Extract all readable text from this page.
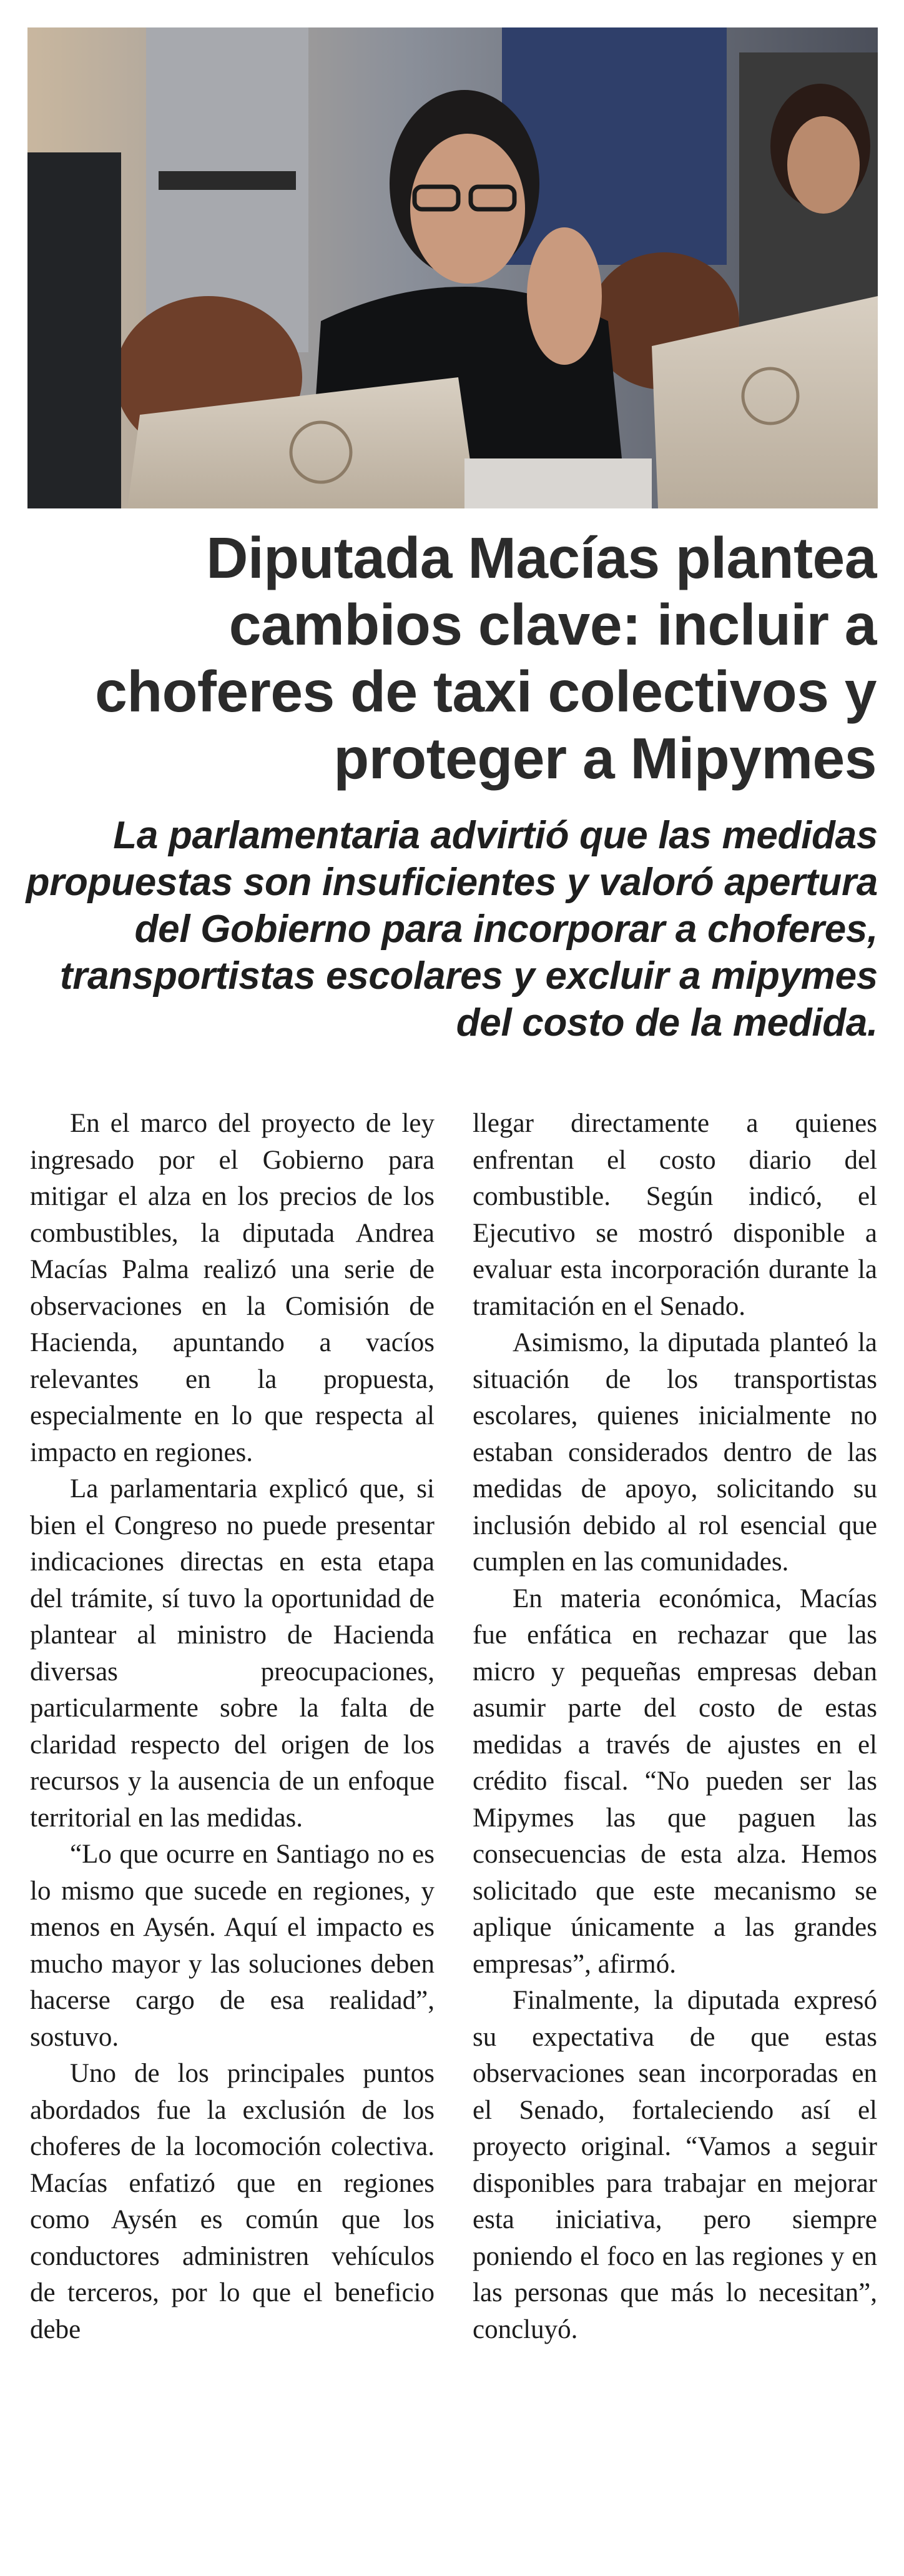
Diputada Macías plantea cambios clave: incluir a choferes de taxi colectivos y proteger a Mipymes
La parlamentaria advirtió que las medidas propuestas son insuficientes y valoró apertura del Gobierno para incorporar a choferes, transportistas escolares y excluir a mipymes del costo de la medida.

En el marco del proyecto de ley ingresado por el Gobierno para mitigar el alza en los precios de los combustibles, la diputada Andrea Macías Palma realizó una serie de observaciones en la Comisión de Hacienda, apuntando a vacíos relevantes en la propuesta, especialmente en lo que respecta al impacto en regiones.

La parlamentaria explicó que, si bien el Congreso no puede presentar indicaciones directas en esta etapa del trámite, sí tuvo la oportunidad de plantear al ministro de Hacienda diversas preocupaciones, particularmente sobre la falta de claridad respecto del origen de los recursos y la ausencia de un enfoque territorial en las medidas.

“Lo que ocurre en Santiago no es lo mismo que sucede en regiones, y menos en Aysén. Aquí el impacto es mucho mayor y las soluciones deben hacerse cargo de esa realidad”, sostuvo.

Uno de los principales puntos abordados fue la exclusión de los choferes de la locomoción colectiva. Macías enfatizó que en regiones como Aysén es común que los conductores administren vehículos de terceros, por lo que el beneficio debe

llegar directamente a quienes enfrentan el costo diario del combustible. Según indicó, el Ejecutivo se mostró disponible a evaluar esta incorporación durante la tramitación en el Senado.

Asimismo, la diputada planteó la situación de los transportistas escolares, quienes inicialmente no estaban considerados dentro de las medidas de apoyo, solicitando su inclusión debido al rol esencial que cumplen en las comunidades.

En materia económica, Macías fue enfática en rechazar que las micro y pequeñas empresas deban asumir parte del costo de estas medidas a través de ajustes en el crédito fiscal. “No pueden ser las Mipymes las que paguen las consecuencias de esta alza. Hemos solicitado que este mecanismo se aplique únicamente a las grandes empresas”, afirmó.

Finalmente, la diputada expresó su expectativa de que estas observaciones sean incorporadas en el Senado, fortaleciendo así el proyecto original. “Vamos a seguir disponibles para trabajar en mejorar esta iniciativa, pero siempre poniendo el foco en las regiones y en las personas que más lo necesitan”, concluyó.
